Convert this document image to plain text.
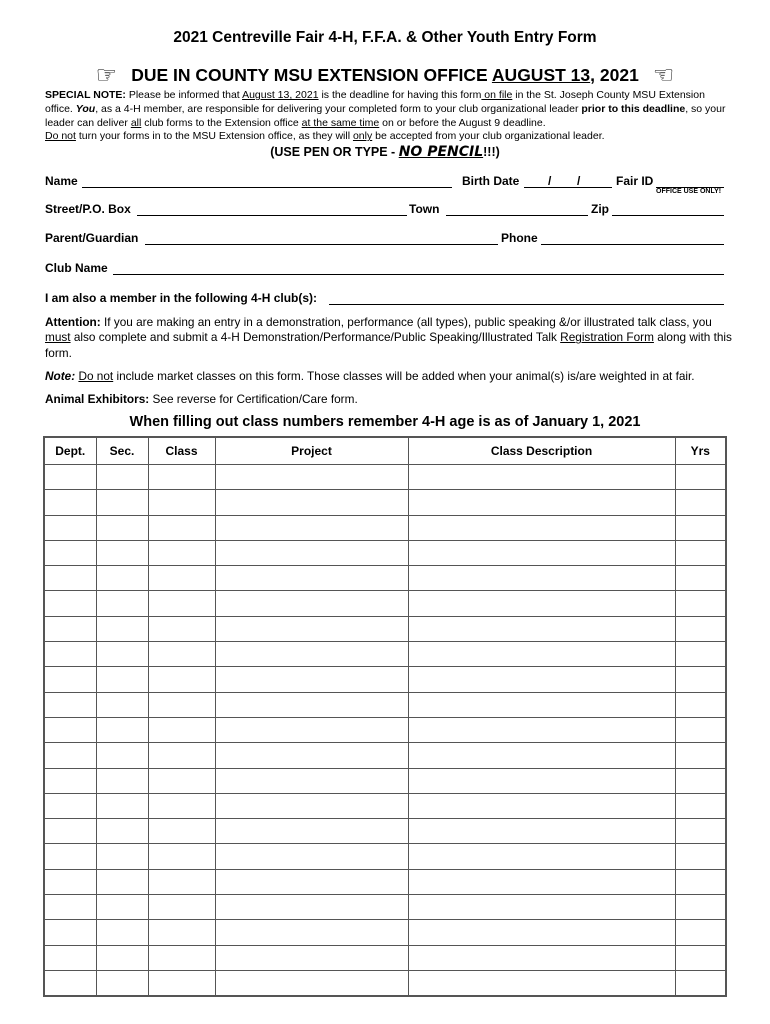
2021 Centreville Fair 4-H, F.F.A. & Other Youth Entry Form
☞ DUE IN COUNTY MSU EXTENSION OFFICE AUGUST 13, 2021 ☜

SPECIAL NOTE: Please be informed that August 13, 2021 is the deadline for having this form on file in the St. Joseph County MSU Extension office. You, as a 4-H member, are responsible for delivering your completed form to your club organizational leader prior to this deadline, so your leader can deliver all club forms to the Extension office at the same time on or before the August 9 deadline.

Do not turn your forms in to the MSU Extension office, as they will only be accepted from your club organizational leader.

(USE PEN OR TYPE - NO PENCIL!!!)
Name	Birth Date / /	Fair ID
OFFICE USE ONLY!
Street/P.O. Box	Town	Zip
Parent/Guardian	Phone
Club Name
I am also a member in the following 4-H club(s):

Attention: If you are making an entry in a demonstration, performance (all types), public speaking &/or illustrated talk class, you must also complete and submit a 4-H Demonstration/Performance/Public Speaking/Illustrated Talk Registration Form along with this form.

Note: Do not include market classes on this form. Those classes will be added when your animal(s) is/are weighted in at fair.

Animal Exhibitors: See reverse for Certification/Care form.

When filling out class numbers remember 4-H age is as of January 1, 2021
Dept.	Sec.	Class	Project	Class Description	Yrs
